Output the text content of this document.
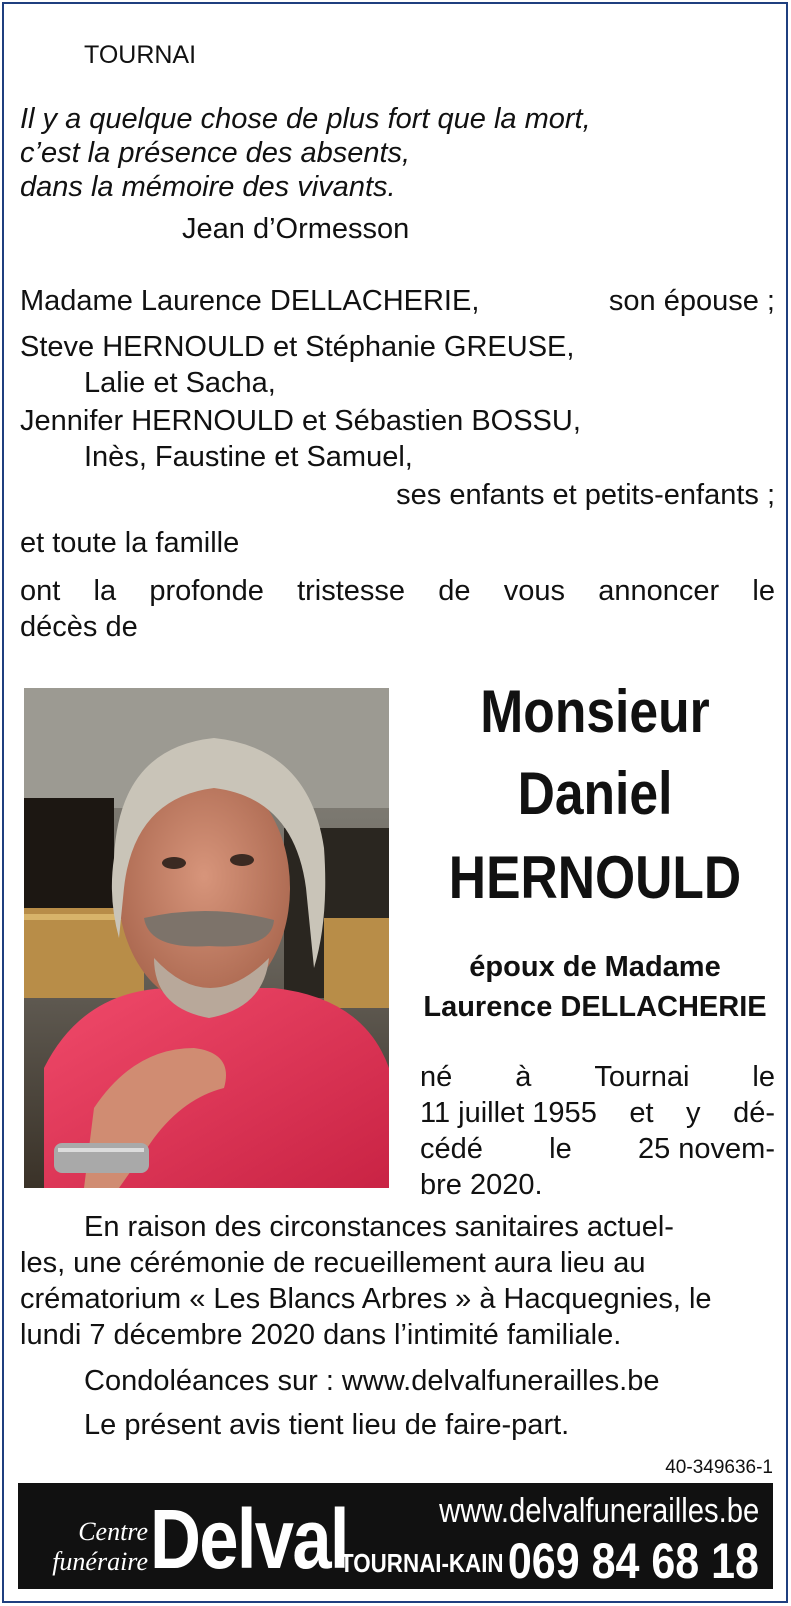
TOURNAI
Il y a quelque chose de plus fort que la mort,
c’est la présence des absents,
dans la mémoire des vivants.
Jean d’Ormesson
Madame Laurence DELLACHERIE,	son épouse ;
Steve HERNOULD et Stéphanie GREUSE,
Lalie et Sacha,
Jennifer HERNOULD et Sébastien BOSSU,
Inès, Faustine et Samuel,
ses enfants et petits-enfants ;
et toute la famille
ont la profonde tristesse de vous annoncer le
décès de
Monsieur
Daniel
HERNOULD
époux de Madame
Laurence DELLACHERIE
né à Tournai le
11 juillet 1955 et y dé-
cédé le 25 novem-
bre 2020.
En raison des circonstances sanitaires actuel-
les, une cérémonie de recueillement aura lieu au
crématorium « Les Blancs Arbres » à Hacquegnies, le
lundi 7 décembre 2020 dans l’intimité familiale.
Condoléances sur : www.delvalfunerailles.be
Le présent avis tient lieu de faire-part.
40-349636-1
Centre
funéraire Delval	www.delvalfunerailles.be
TOURNAI-KAIN 069 84 68 18
